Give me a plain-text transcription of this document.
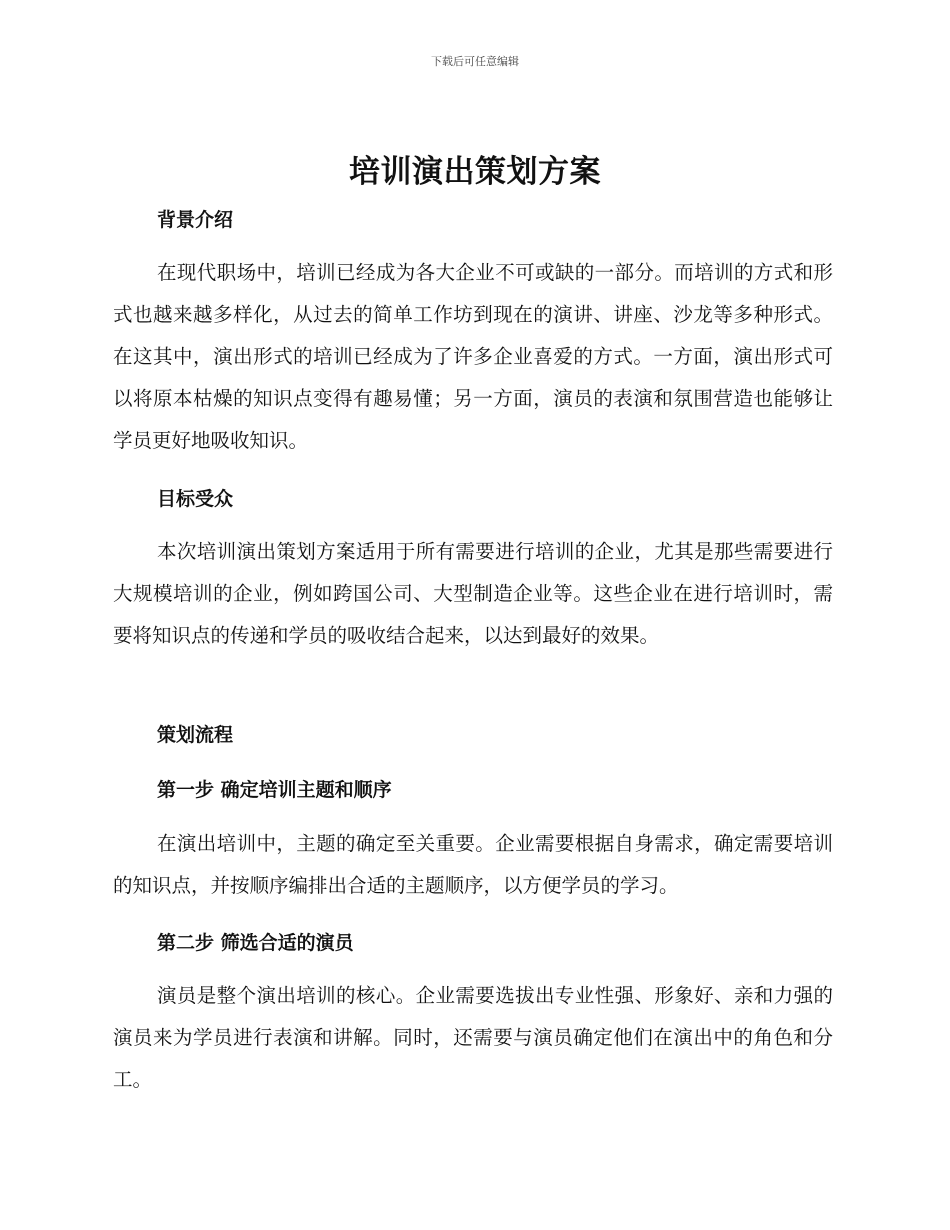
下载后可任意编辑
培训演出策划方案
背景介绍

在现代职场中，培训已经成为各大企业不可或缺的一部分。而培训的方式和形式也越来越多样化，从过去的简单工作坊到现在的演讲、讲座、沙龙等多种形式。在这其中，演出形式的培训已经成为了许多企业喜爱的方式。一方面，演出形式可以将原本枯燥的知识点变得有趣易懂；另一方面，演员的表演和氛围营造也能够让学员更好地吸收知识。

目标受众

本次培训演出策划方案适用于所有需要进行培训的企业，尤其是那些需要进行大规模培训的企业，例如跨国公司、大型制造企业等。这些企业在进行培训时，需要将知识点的传递和学员的吸收结合起来，以达到最好的效果。

策划流程
第一步 确定培训主题和顺序

在演出培训中，主题的确定至关重要。企业需要根据自身需求，确定需要培训的知识点，并按顺序编排出合适的主题顺序，以方便学员的学习。

第二步 筛选合适的演员

演员是整个演出培训的核心。企业需要选拔出专业性强、形象好、亲和力强的演员来为学员进行表演和讲解。同时，还需要与演员确定他们在演出中的角色和分工。
